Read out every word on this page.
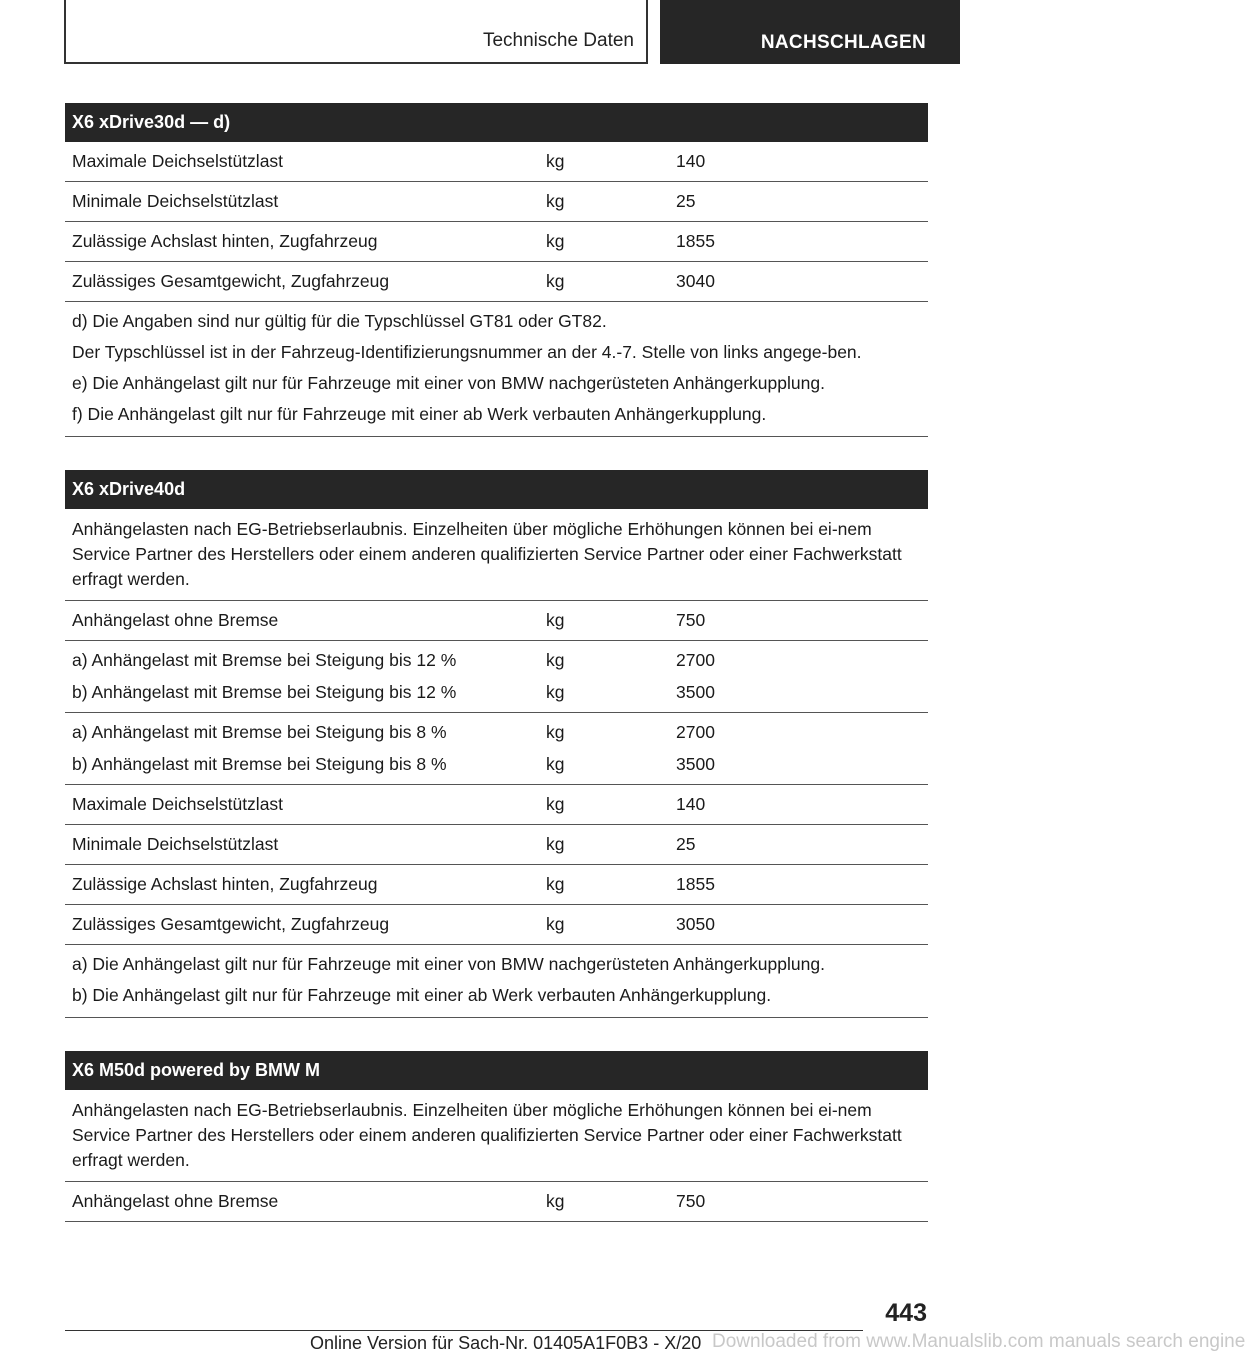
Technische Daten	NACHSCHLAGEN
X6 xDrive30d — d)
Maximale Deichselstützlast	kg	140
Minimale Deichselstützlast	kg	25
Zulässige Achslast hinten, Zugfahrzeug	kg	1855
Zulässiges Gesamtgewicht, Zugfahrzeug	kg	3040
d) Die Angaben sind nur gültig für die Typschlüssel GT81 oder GT82.
Der Typschlüssel ist in der Fahrzeug-Identifizierungsnummer an der 4.-7. Stelle von links angege-ben.
e) Die Anhängelast gilt nur für Fahrzeuge mit einer von BMW nachgerüsteten Anhängerkupplung.
f) Die Anhängelast gilt nur für Fahrzeuge mit einer ab Werk verbauten Anhängerkupplung.
X6 xDrive40d
Anhängelasten nach EG-Betriebserlaubnis. Einzelheiten über mögliche Erhöhungen können bei ei-nem Service Partner des Herstellers oder einem anderen qualifizierten Service Partner oder einer Fachwerkstatt erfragt werden.
Anhängelast ohne Bremse	kg	750
a) Anhängelast mit Bremse bei Steigung bis 12 %	kg	2700
b) Anhängelast mit Bremse bei Steigung bis 12 %	kg	3500
a) Anhängelast mit Bremse bei Steigung bis 8 %	kg	2700
b) Anhängelast mit Bremse bei Steigung bis 8 %	kg	3500
Maximale Deichselstützlast	kg	140
Minimale Deichselstützlast	kg	25
Zulässige Achslast hinten, Zugfahrzeug	kg	1855
Zulässiges Gesamtgewicht, Zugfahrzeug	kg	3050
a) Die Anhängelast gilt nur für Fahrzeuge mit einer von BMW nachgerüsteten Anhängerkupplung.
b) Die Anhängelast gilt nur für Fahrzeuge mit einer ab Werk verbauten Anhängerkupplung.
X6 M50d powered by BMW M
Anhängelasten nach EG-Betriebserlaubnis. Einzelheiten über mögliche Erhöhungen können bei ei-nem Service Partner des Herstellers oder einem anderen qualifizierten Service Partner oder einer Fachwerkstatt erfragt werden.
Anhängelast ohne Bremse	kg	750
443
Online Version für Sach-Nr. 01405A1F0B3 - X/20 Downloaded from www.Manualslib.com manuals search engine
